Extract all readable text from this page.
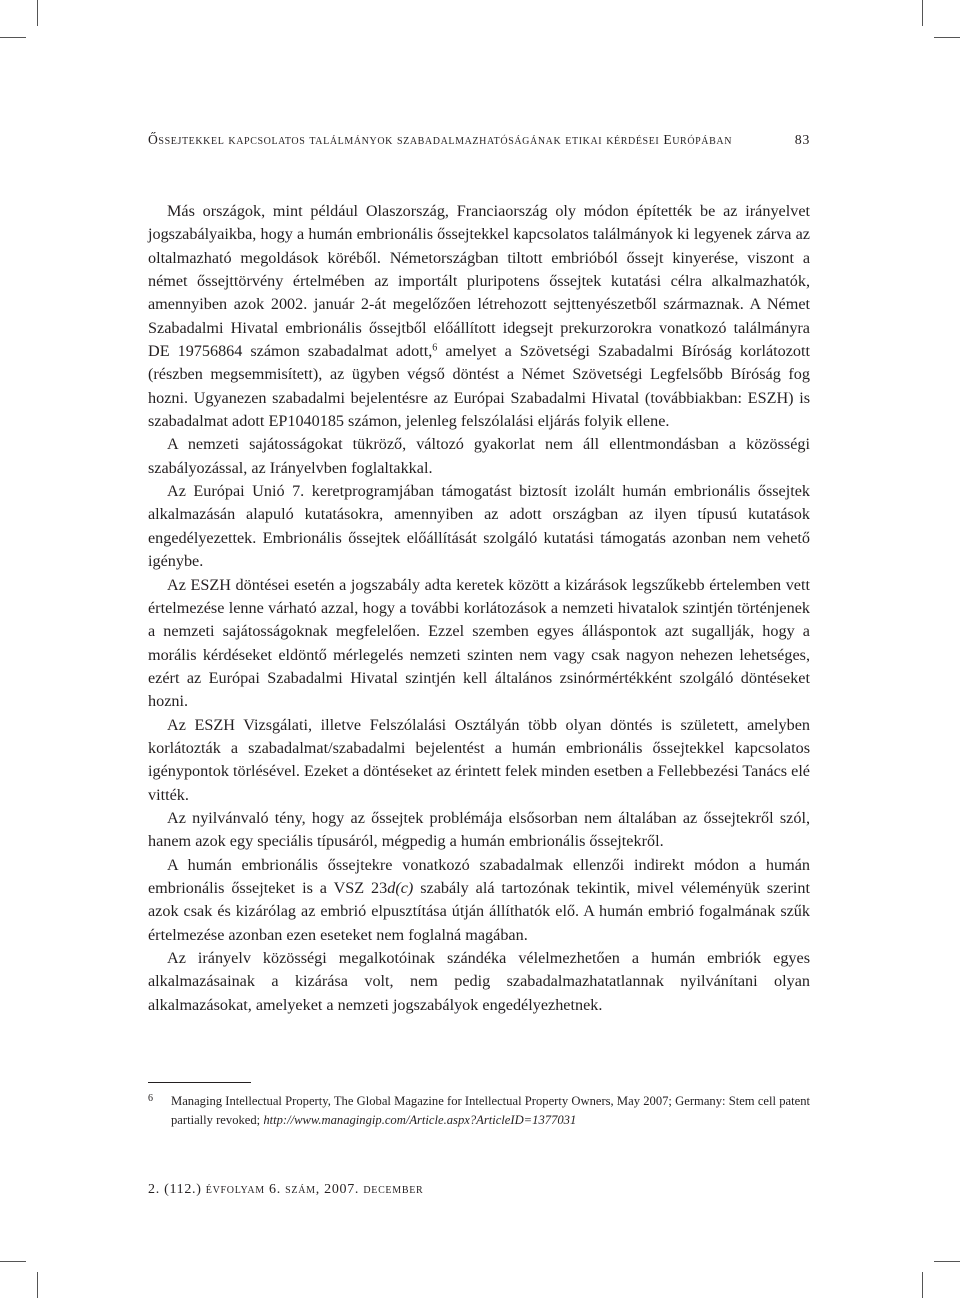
Őssejtekkel kapcsolatos találmányok szabadalmazhatóságának etikai kérdései Európában	83

Más országok, mint például Olaszország, Franciaország oly módon építették be az irányelvet jogszabályaikba, hogy a humán embrionális őssejtekkel kapcsolatos találmányok ki legyenek zárva az oltalmazható megoldások köréből. Németországban tiltott embrióból őssejt kinyerése, viszont a német őssejttörvény értelmében az importált pluripotens őssejtek kutatási célra alkalmazhatók, amennyiben azok 2002. január 2-át megelőzően létrehozott sejttenyészetből származnak. A Német Szabadalmi Hivatal embrionális őssejtből előállított idegsejt prekurzorokra vonatkozó találmányra DE 19756864 számon szabadalmat adott,$^6$ amelyet a Szövetségi Szabadalmi Bíróság korlátozott (részben megsemmisített), az ügyben végső döntést a Német Szövetségi Legfelsőbb Bíróság fog hozni. Ugyanezen szabadalmi bejelentésre az Európai Szabadalmi Hivatal (továbbiakban: ESZH) is szabadalmat adott EP1040185 számon, jelenleg felszólalási eljárás folyik ellene.

A nemzeti sajátosságokat tükröző, változó gyakorlat nem áll ellentmondásban a közösségi szabályozással, az Irányelvben foglaltakkal.

Az Európai Unió 7. keretprogramjában támogatást biztosít izolált humán embrionális őssejtek alkalmazásán alapuló kutatásokra, amennyiben az adott országban az ilyen típusú kutatások engedélyezettek. Embrionális őssejtek előállítását szolgáló kutatási támogatás azonban nem vehető igénybe.

Az ESZH döntései esetén a jogszabály adta keretek között a kizárások legszűkebb értelemben vett értelmezése lenne várható azzal, hogy a további korlátozások a nemzeti hivatalok szintjén történjenek a nemzeti sajátosságoknak megfelelően. Ezzel szemben egyes álláspontok azt sugallják, hogy a morális kérdéseket eldöntő mérlegelés nemzeti szinten nem vagy csak nagyon nehezen lehetséges, ezért az Európai Szabadalmi Hivatal szintjén kell általános zsinórmértékként szolgáló döntéseket hozni.

Az ESZH Vizsgálati, illetve Felszólalási Osztályán több olyan döntés is született, amelyben korlátozták a szabadalmat/szabadalmi bejelentést a humán embrionális őssejtekkel kapcsolatos igénypontok törlésével. Ezeket a döntéseket az érintett felek minden esetben a Fellebbezési Tanács elé vitték.

Az nyilvánvaló tény, hogy az őssejtek problémája elsősorban nem általában az őssejtekről szól, hanem azok egy speciális típusáról, mégpedig a humán embrionális őssejtekről.

A humán embrionális őssejtekre vonatkozó szabadalmak ellenzői indirekt módon a humán embrionális őssejteket is a VSZ 23d(c) szabály alá tartozónak tekintik, mivel véleményük szerint azok csak és kizárólag az embrió elpusztítása útján állíthatók elő. A humán embrió fogalmának szűk értelmezése azonban ezen eseteket nem foglalná magában.

Az irányelv közösségi megalkotóinak szándéka vélelmezhetően a humán embriók egyes alkalmazásainak a kizárása volt, nem pedig szabadalmazhatatlannak nyilvánítani olyan alkalmazásokat, amelyeket a nemzeti jogszabályok engedélyezhetnek.

6	Managing Intellectual Property, The Global Magazine for Intellectual Property Owners, May 2007; Germany: Stem cell patent partially revoked; http://www.managingip.com/Article.aspx?ArticleID=1377031
2. (112.) évfolyam 6. szám, 2007. december
